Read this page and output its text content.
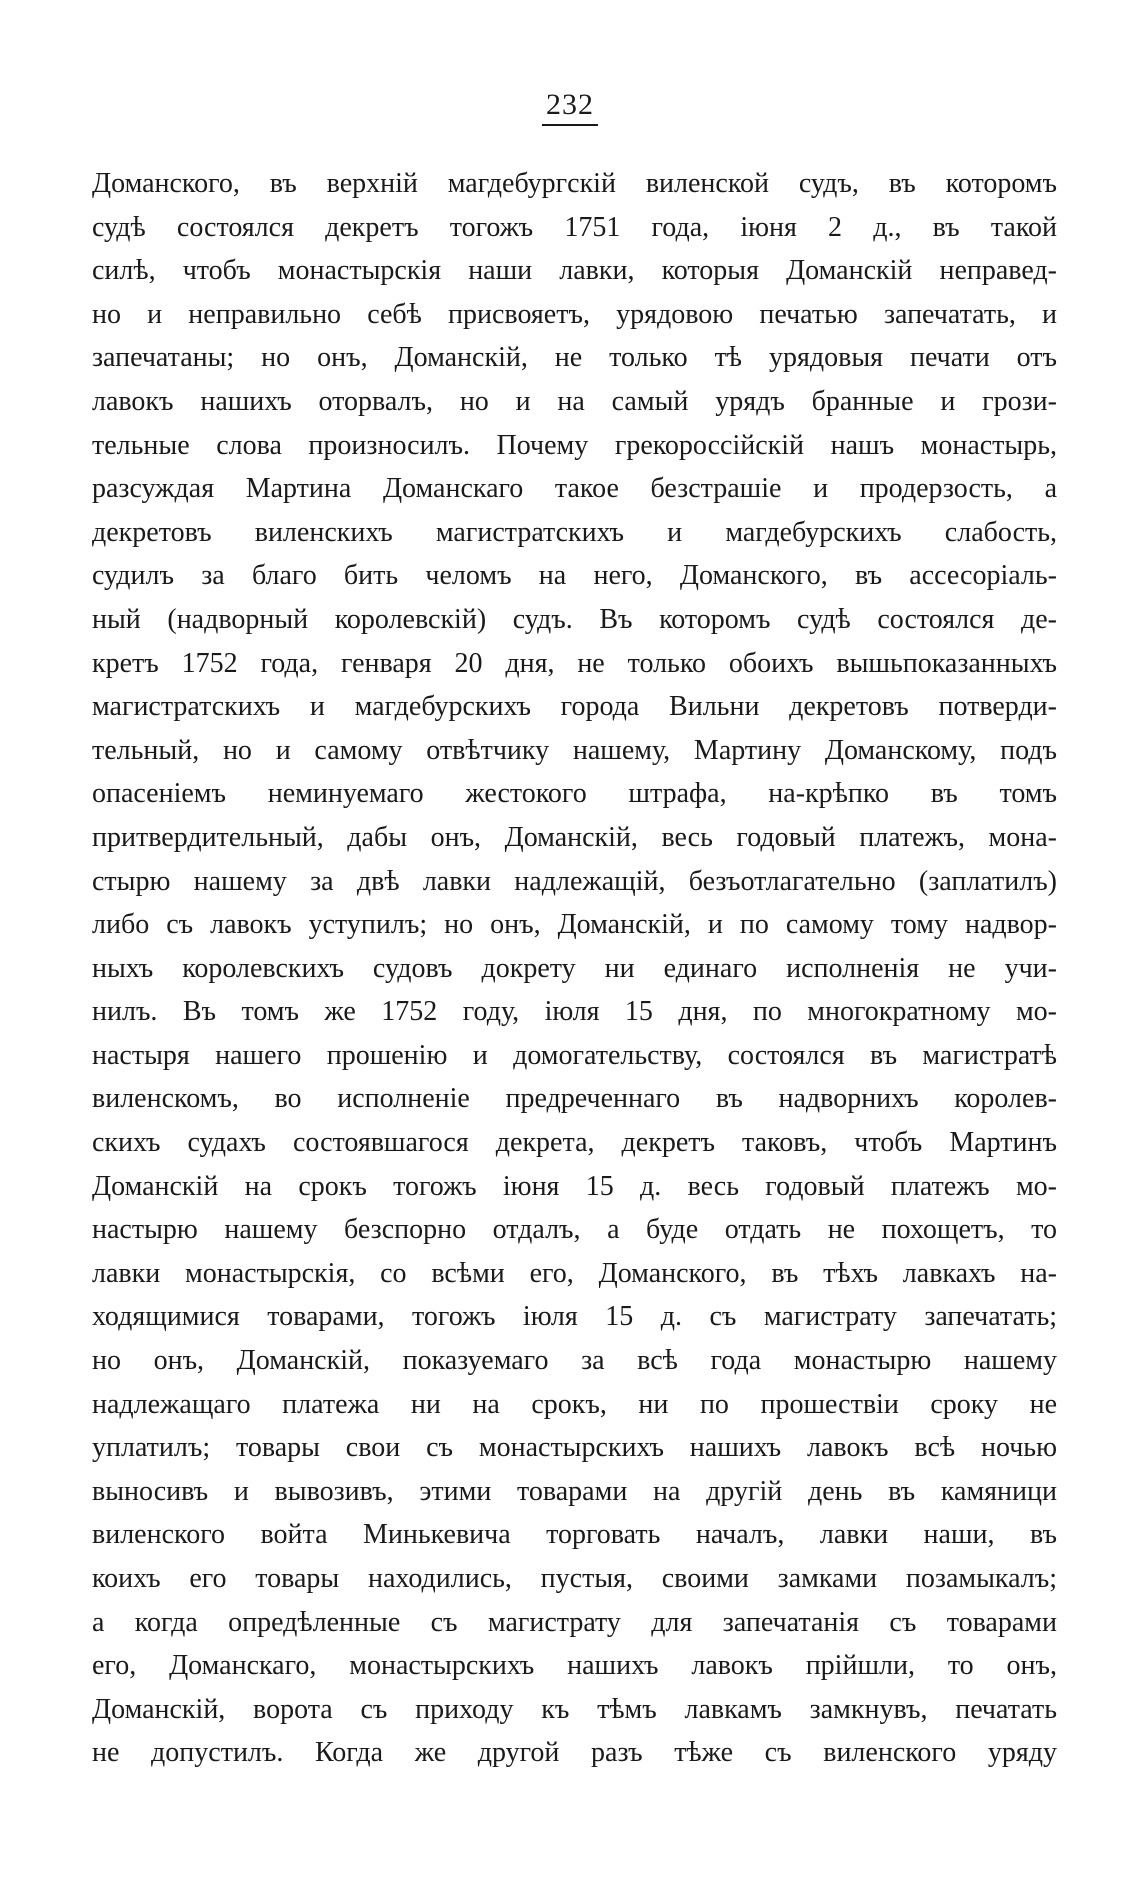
232
Доманского, въ верхній магдебургскій виленской судъ, въ которомъ
судѣ состоялся декретъ тогожъ 1751 года, іюня 2 д., въ такой
силѣ, чтобъ монастырскія наши лавки, которыя Доманскій неправед-
но и неправильно себѣ присвояетъ, урядовою печатью запечатать, и
запечатаны; но онъ, Доманскій, не только тѣ урядовыя печати отъ
лавокъ нашихъ оторвалъ, но и на самый урядъ бранные и грози-
тельные слова произносилъ. Почему грекороссійскій нашъ монастырь,
разсуждая Мартина Доманскаго такое безстрашіе и продерзость, а
декретовъ виленскихъ магистратскихъ и магдебурскихъ слабость,
судилъ за благо бить челомъ на него, Доманского, въ ассесоріаль-
ный (надворный королевскій) судъ. Въ которомъ судѣ состоялся де-
кретъ 1752 года, генваря 20 дня, не только обоихъ вышьпоказанныхъ
магистратскихъ и магдебурскихъ города Вильни декретовъ потверди-
тельный, но и самому отвѣтчику нашему, Мартину Доманскому, подъ
опасеніемъ неминуемаго жестокого штрафа, на-крѣпко въ томъ
притвердительный, дабы онъ, Доманскій, весь годовый платежъ, мона-
стырю нашему за двѣ лавки надлежащій, безъотлагательно (заплатилъ)
либо съ лавокъ уступилъ; но онъ, Доманскій, и по самому тому надвор-
ныхъ королевскихъ судовъ докрету ни единаго исполненія не учи-
нилъ. Въ томъ же 1752 году, іюля 15 дня, по многократному мо-
настыря нашего прошенію и домогательству, состоялся въ магистратѣ
виленскомъ, во исполненіе предреченнаго въ надворнихъ королев-
скихъ судахъ состоявшагося декрета, декретъ таковъ, чтобъ Мартинъ
Доманскій на срокъ тогожъ іюня 15 д. весь годовый платежъ мо-
настырю нашему безспорно отдалъ, а буде отдать не похощетъ, то
лавки монастырскія, со всѣми его, Доманского, въ тѣхъ лавкахъ на-
ходящимися товарами, тогожъ іюля 15 д. съ магистрату запечатать;
но онъ, Доманскій, показуемаго за всѣ года монастырю нашему
надлежащаго платежа ни на срокъ, ни по прошествіи сроку не
уплатилъ; товары свои съ монастырскихъ нашихъ лавокъ всѣ ночью
выносивъ и вывозивъ, этими товарами на другій день въ камяници
виленского войта Минькевича торговать началъ, лавки наши, въ
коихъ его товары находились, пустыя, своими замками позамыкалъ;
а когда опредѣленные съ магистрату для запечатанія съ товарами
его, Доманскаго, монастырскихъ нашихъ лавокъ прійшли, то онъ,
Доманскій, ворота съ приходу къ тѣмъ лавкамъ замкнувъ, печатать
не допустилъ. Когда же другой разъ тѣже съ виленского уряду
